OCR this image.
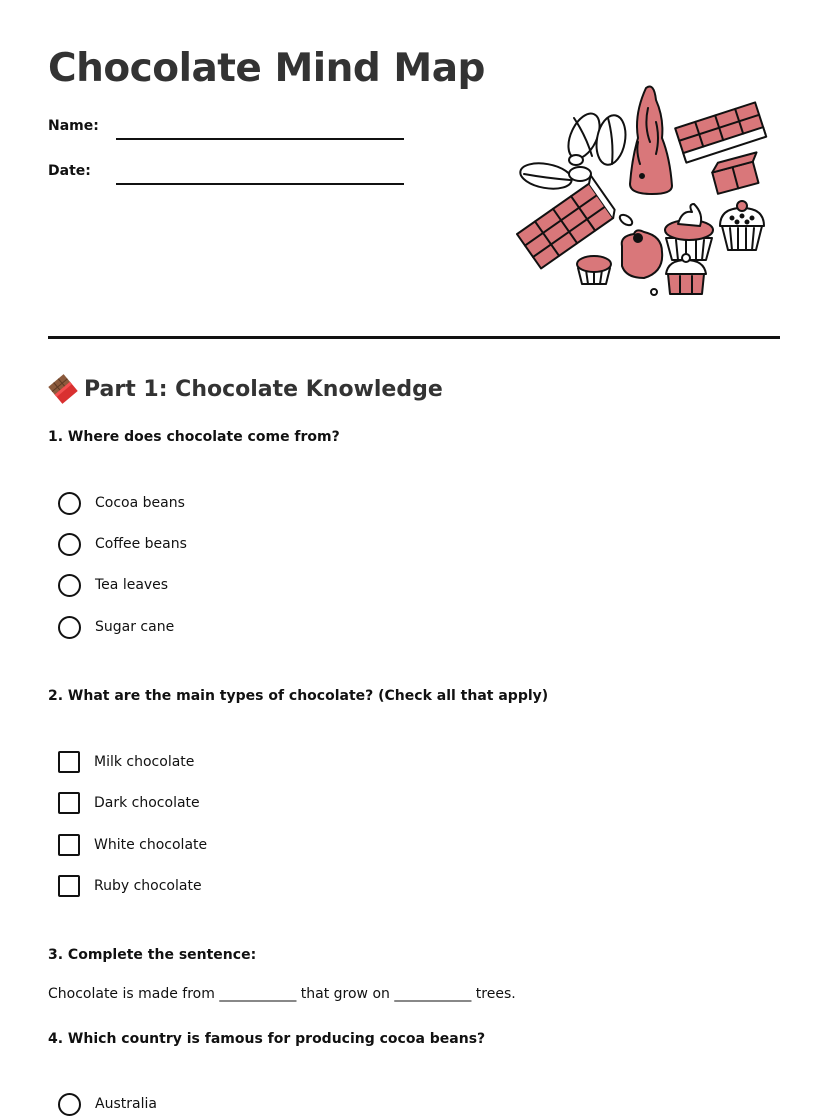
Chocolate Mind Map
Name:
Date:
Part 1: Chocolate Knowledge
1. Where does chocolate come from?
Cocoa beans
Coffee beans
Tea leaves
Sugar cane
2. What are the main types of chocolate? (Check all that apply)
Milk chocolate
Dark chocolate
White chocolate
Ruby chocolate
3. Complete the sentence:
Chocolate is made from ___________ that grow on ___________ trees.
4. Which country is famous for producing cocoa beans?
Australia
